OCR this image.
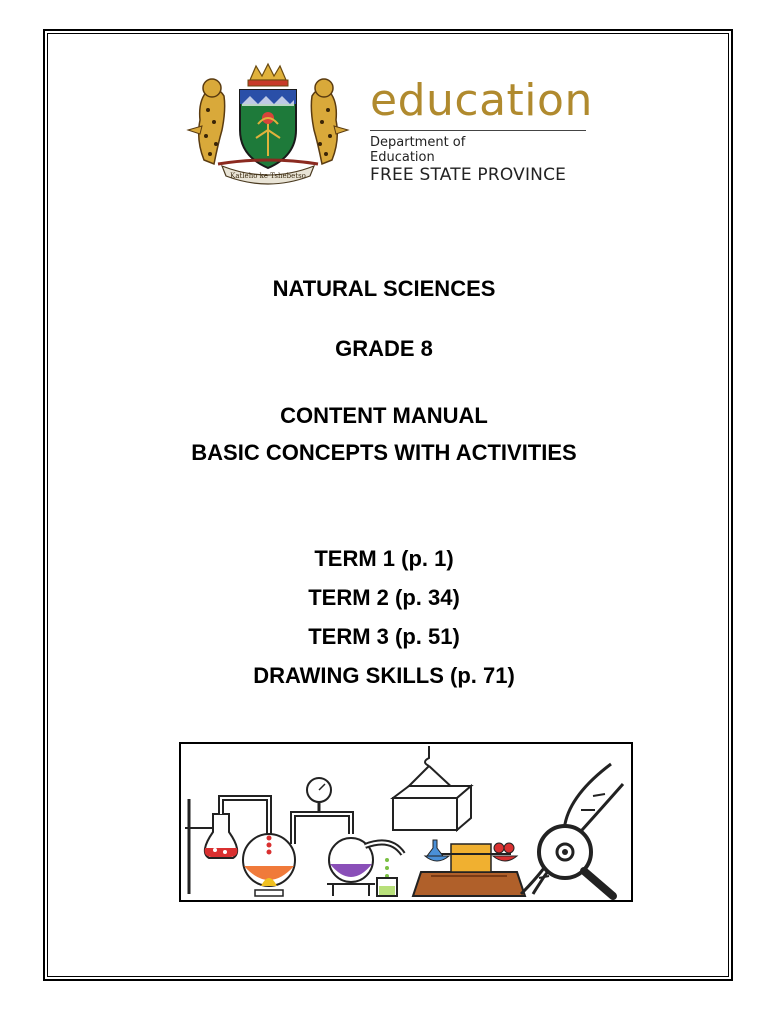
Katleho ke Tshebetso
education
Department of
Education
FREE STATE PROVINCE
NATURAL SCIENCES
GRADE 8
CONTENT MANUAL
BASIC CONCEPTS WITH ACTIVITIES
TERM 1 (p. 1)
TERM 2 (p. 34)
TERM 3 (p. 51)
DRAWING SKILLS (p. 71)
